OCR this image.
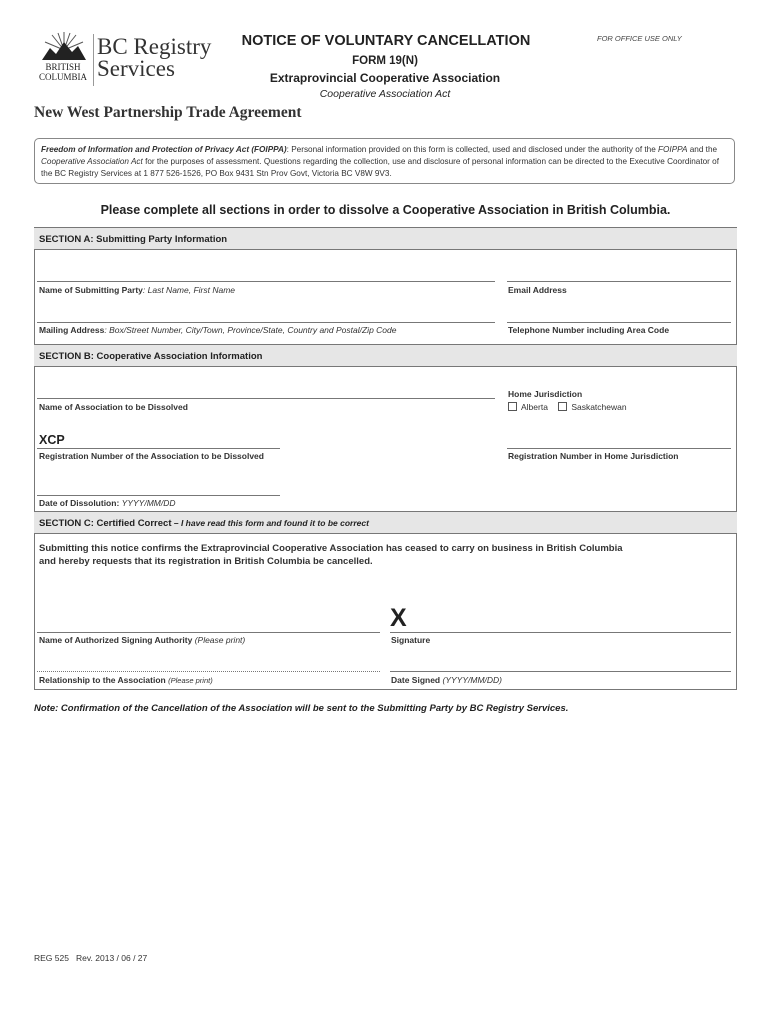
BRITISH
COLUMBIA
BC Registry
Services
NOTICE OF VOLUNTARY CANCELLATION
FORM 19(N)
Extraprovincial Cooperative Association
Cooperative Association Act
FOR OFFICE USE ONLY
New West Partnership Trade Agreement
Freedom of Information and Protection of Privacy Act (FOIPPA): Personal information provided on this form is collected, used and disclosed under the authority of the FOIPPA and the Cooperative Association Act for the purposes of assessment. Questions regarding the collection, use and disclosure of personal information can be directed to the Executive Coordinator of the BC Registry Services at 1 877 526-1526, PO Box 9431 Stn Prov Govt, Victoria BC V8W 9V3.
Please complete all sections in order to dissolve a Cooperative Association in British Columbia.
SECTION A: Submitting Party Information
Name of Submitting Party: Last Name, First Name	Email Address
Mailing Address: Box/Street Number, City/Town, Province/State, Country and Postal/Zip Code	Telephone Number including Area Code
SECTION B: Cooperative Association Information
Name of Association to be Dissolved
Home Jurisdiction
Alberta	Saskatchewan
XCP
Registration Number of the Association to be Dissolved	Registration Number in Home Jurisdiction
Date of Dissolution: YYYY/MM/DD
SECTION C: Certified Correct – I have read this form and found it to be correct
Submitting this notice confirms the Extraprovincial Cooperative Association has ceased to carry on business in British Columbia
and hereby requests that its registration in British Columbia be cancelled.
Name of Authorized Signing Authority (Please print)
X
Signature
Relationship to the Association (Please print)	Date Signed (YYYY/MM/DD)
Note: Confirmation of the Cancellation of the Association will be sent to the Submitting Party by BC Registry Services.
REG 525   Rev. 2013 / 06 / 27
